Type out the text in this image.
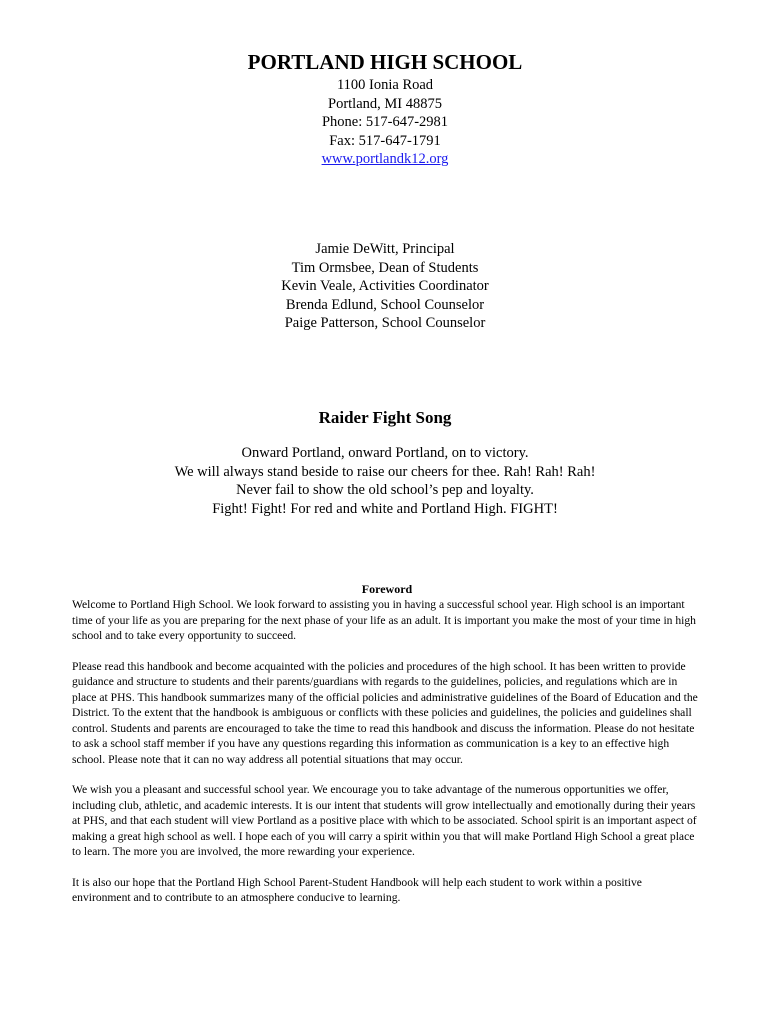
PORTLAND HIGH SCHOOL

1100 Ionia Road

Portland, MI 48875

Phone: 517-647-2981

Fax: 517-647-1791

www.portlandk12.org

Jamie DeWitt, Principal

Tim Ormsbee, Dean of Students

Kevin Veale, Activities Coordinator

Brenda Edlund, School Counselor

Paige Patterson, School Counselor

Raider Fight Song

Onward Portland, onward Portland, on to victory.

We will always stand beside to raise our cheers for thee. Rah! Rah! Rah!

Never fail to show the old school’s pep and loyalty.

Fight! Fight! For red and white and Portland High. FIGHT!

Foreword

Welcome to Portland High School. We look forward to assisting you in having a successful school year. High school is an important time of your life as you are preparing for the next phase of your life as an adult. It is important you make the most of your time in high school and to take every opportunity to succeed.

Please read this handbook and become acquainted with the policies and procedures of the high school. It has been written to provide guidance and structure to students and their parents/guardians with regards to the guidelines, policies, and regulations which are in place at PHS. This handbook summarizes many of the official policies and administrative guidelines of the Board of Education and the District. To the extent that the handbook is ambiguous or conflicts with these policies and guidelines, the policies and guidelines shall control. Students and parents are encouraged to take the time to read this handbook and discuss the information. Please do not hesitate to ask a school staff member if you have any questions regarding this information as communication is a key to an effective high school. Please note that it can no way address all potential situations that may occur.

We wish you a pleasant and successful school year. We encourage you to take advantage of the numerous opportunities we offer, including club, athletic, and academic interests. It is our intent that students will grow intellectually and emotionally during their years at PHS, and that each student will view Portland as a positive place with which to be associated. School spirit is an important aspect of making a great high school as well. I hope each of you will carry a spirit within you that will make Portland High School a great place to learn. The more you are involved, the more rewarding your experience.

It is also our hope that the Portland High School Parent-Student Handbook will help each student to work within a positive environment and to contribute to an atmosphere conducive to learning.
